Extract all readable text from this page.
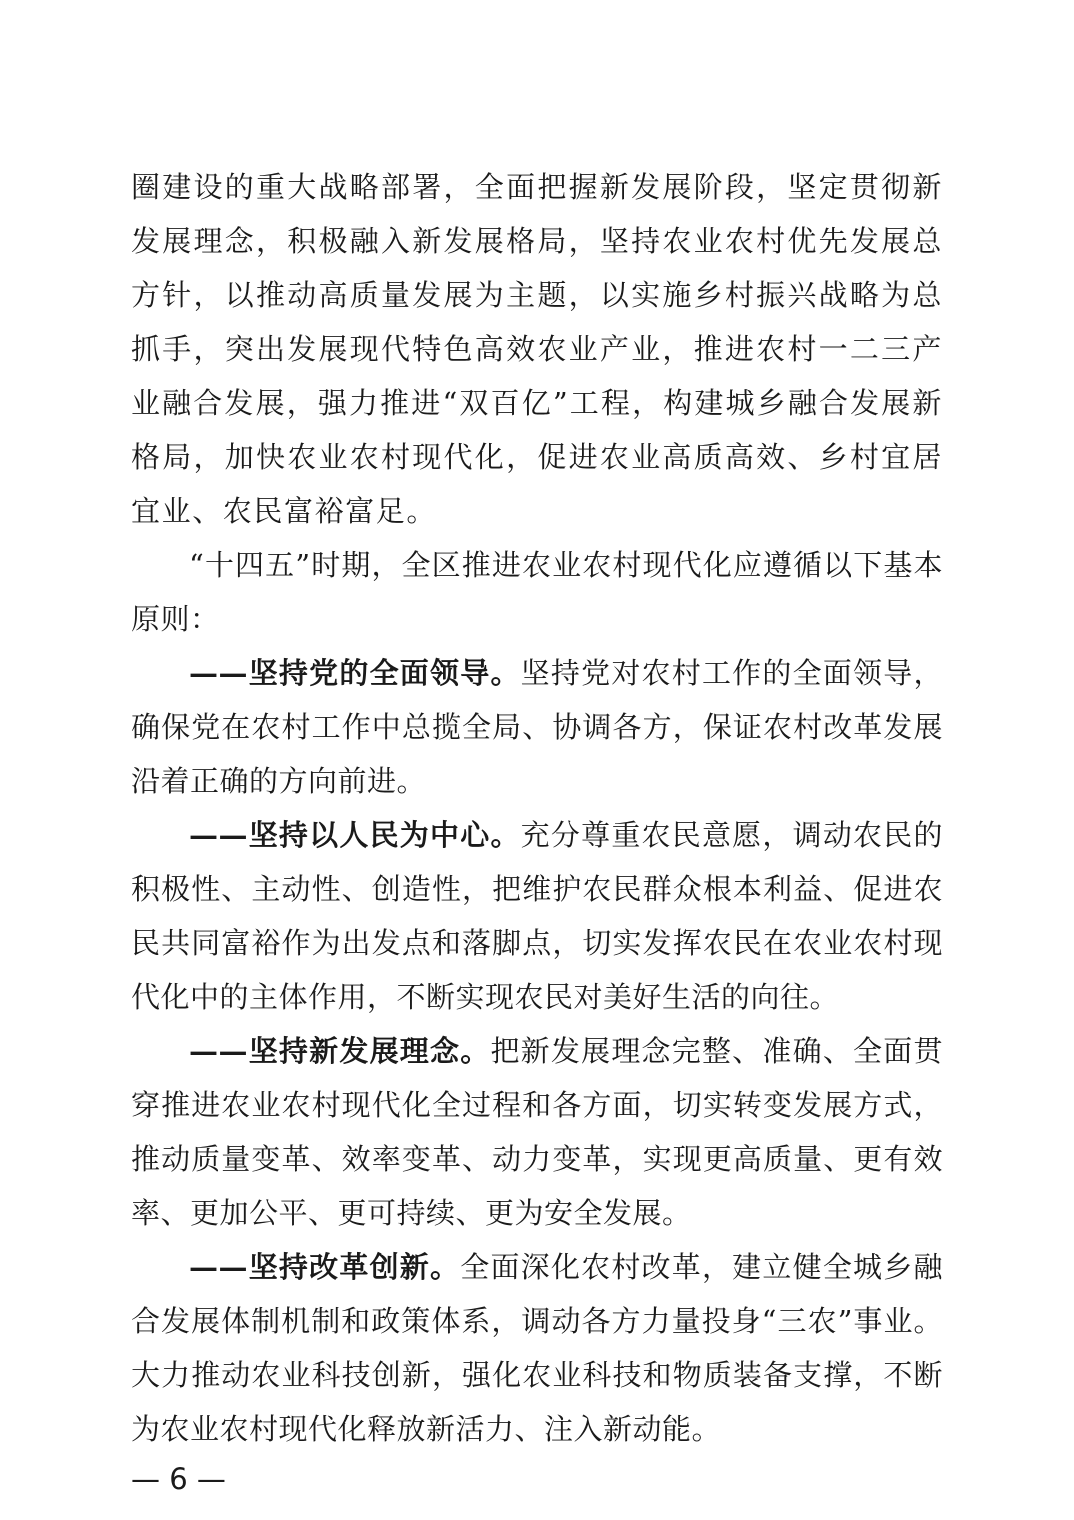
圈建设的重大战略部署，全面把握新发展阶段，坚定贯彻新发展理念，积极融入新发展格局，坚持农业农村优先发展总方针，以推动高质量发展为主题，以实施乡村振兴战略为总抓手，突出发展现代特色高效农业产业，推进农村一二三产业融合发展，强力推进“双百亿”工程，构建城乡融合发展新格局，加快农业农村现代化，促进农业高质高效、乡村宜居宜业、农民富裕富足。

“十四五”时期，全区推进农业农村现代化应遵循以下基本原则：

——坚持党的全面领导。坚持党对农村工作的全面领导，确保党在农村工作中总揽全局、协调各方，保证农村改革发展沿着正确的方向前进。

——坚持以人民为中心。充分尊重农民意愿，调动农民的积极性、主动性、创造性，把维护农民群众根本利益、促进农民共同富裕作为出发点和落脚点，切实发挥农民在农业农村现代化中的主体作用，不断实现农民对美好生活的向往。

——坚持新发展理念。把新发展理念完整、准确、全面贯穿推进农业农村现代化全过程和各方面，切实转变发展方式，推动质量变革、效率变革、动力变革，实现更高质量、更有效率、更加公平、更可持续、更为安全发展。

——坚持改革创新。全面深化农村改革，建立健全城乡融合发展体制机制和政策体系，调动各方力量投身“三农”事业。大力推动农业科技创新，强化农业科技和物质装备支撑，不断为农业农村现代化释放新活力、注入新动能。

— 6 —
